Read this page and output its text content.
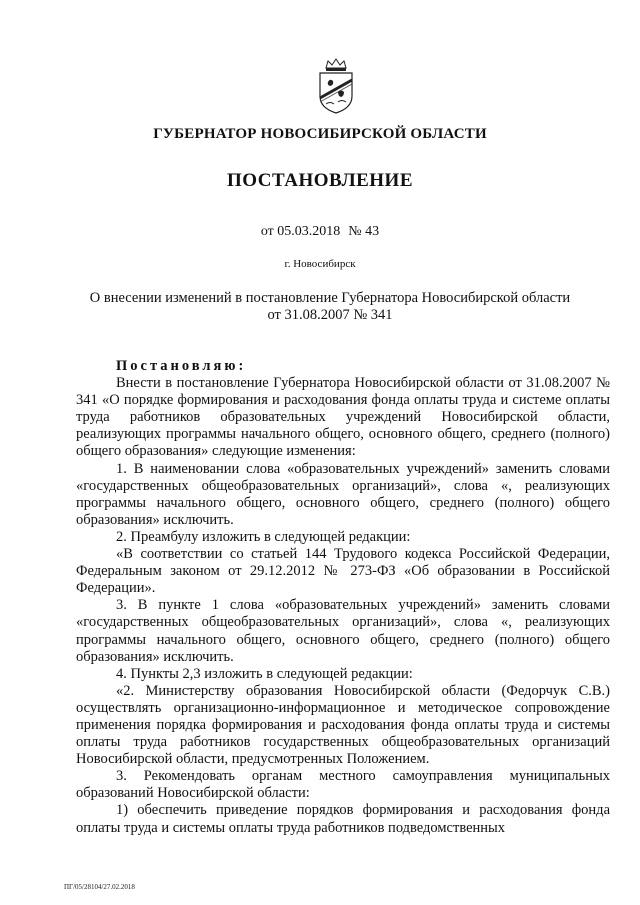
ГУБЕРНАТОР НОВОСИБИРСКОЙ ОБЛАСТИ
ПОСТАНОВЛЕНИЕ
от 05.03.2018 № 43
г. Новосибирск
О внесении изменений в постановление Губернатора Новосибирской области
от 31.08.2007 № 341

Постановляю:

Внести в постановление Губернатора Новосибирской области от 31.08.2007 № 341 «О порядке формирования и расходования фонда оплаты труда и системе оплаты труда работников образовательных учреждений Новосибирской области, реализующих программы начального общего, основного общего, среднего (полного) общего образования» следующие изменения:

1. В наименовании слова «образовательных учреждений» заменить словами «государственных общеобразовательных организаций», слова «, реализующих программы начального общего, основного общего, среднего (полного) общего образования» исключить.

2. Преамбулу изложить в следующей редакции:

«В соответствии со статьей 144 Трудового кодекса Российской Федерации, Федеральным законом от 29.12.2012 № 273-ФЗ «Об образовании в Российской Федерации».

3. В пункте 1 слова «образовательных учреждений» заменить словами «государственных общеобразовательных организаций», слова «, реализующих программы начального общего, основного общего, среднего (полного) общего образования» исключить.

4. Пункты 2,3 изложить в следующей редакции:

«2. Министерству образования Новосибирской области (Федорчук С.В.) осуществлять организационно-информационное и методическое сопровождение применения порядка формирования и расходования фонда оплаты труда и системы оплаты труда работников государственных общеобразовательных организаций Новосибирской области, предусмотренных Положением.

3. Рекомендовать органам местного самоуправления муниципальных образований Новосибирской области:

1) обеспечить приведение порядков формирования и расходования фонда оплаты труда и системы оплаты труда работников подведомственных

ПГ/05/28104/27.02.2018
